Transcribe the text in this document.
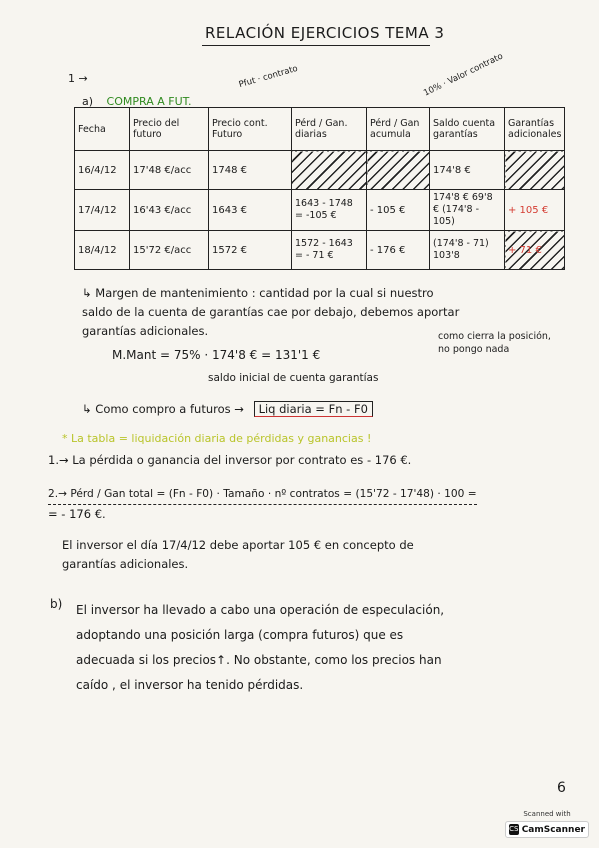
RELACIÓN EJERCICIOS TEMA 3
1 →
a) COMPRA A FUT.
Pfut · contrato	10% · Valor contrato
Fecha	Precio del futuro	Precio cont. Futuro	Pérd / Gan. diarias	Pérd / Gan acumula	Saldo cuenta garantías	Garantías adicionales
16/4/12	17'48 €/acc	1748 €			174'8 €	
17/4/12	16'43 €/acc	1643 €	1643 - 1748 = -105 €	- 105 €	174'8 € 69'8 € (174'8 - 105)	+ 105 €
18/4/12	15'72 €/acc	1572 €	1572 - 1643 = - 71 €	- 176 €	(174'8 - 71) 103'8	+ 71 €
↳ Margen de mantenimiento : cantidad por la cual si nuestro
saldo de la cuenta de garantías cae por debajo, debemos aportar
garantías adicionales.
M.Mant = 75% · 174'8 € = 131'1 €
saldo inicial de cuenta garantías
como cierra la posición, no pongo nada
↳ Como compro a futuros → Liq diaria = Fn - F0
* La tabla = liquidación diaria de pérdidas y ganancias !
1.→ La pérdida o ganancia del inversor por contrato es - 176 €.
2.→ Pérd / Gan total = (Fn - F0) · Tamaño · nº contratos = (15'72 - 17'48) · 100 =
= - 176 €.
El inversor el día 17/4/12 debe aportar 105 € en concepto de
garantías adicionales.
b) El inversor ha llevado a cabo una operación de especulación,
adoptando una posición larga (compra futuros) que es
adecuada si los precios↑. No obstante, como los precios han
caído , el inversor ha tenido pérdidas.
6
Scanned with
CS CamScanner
